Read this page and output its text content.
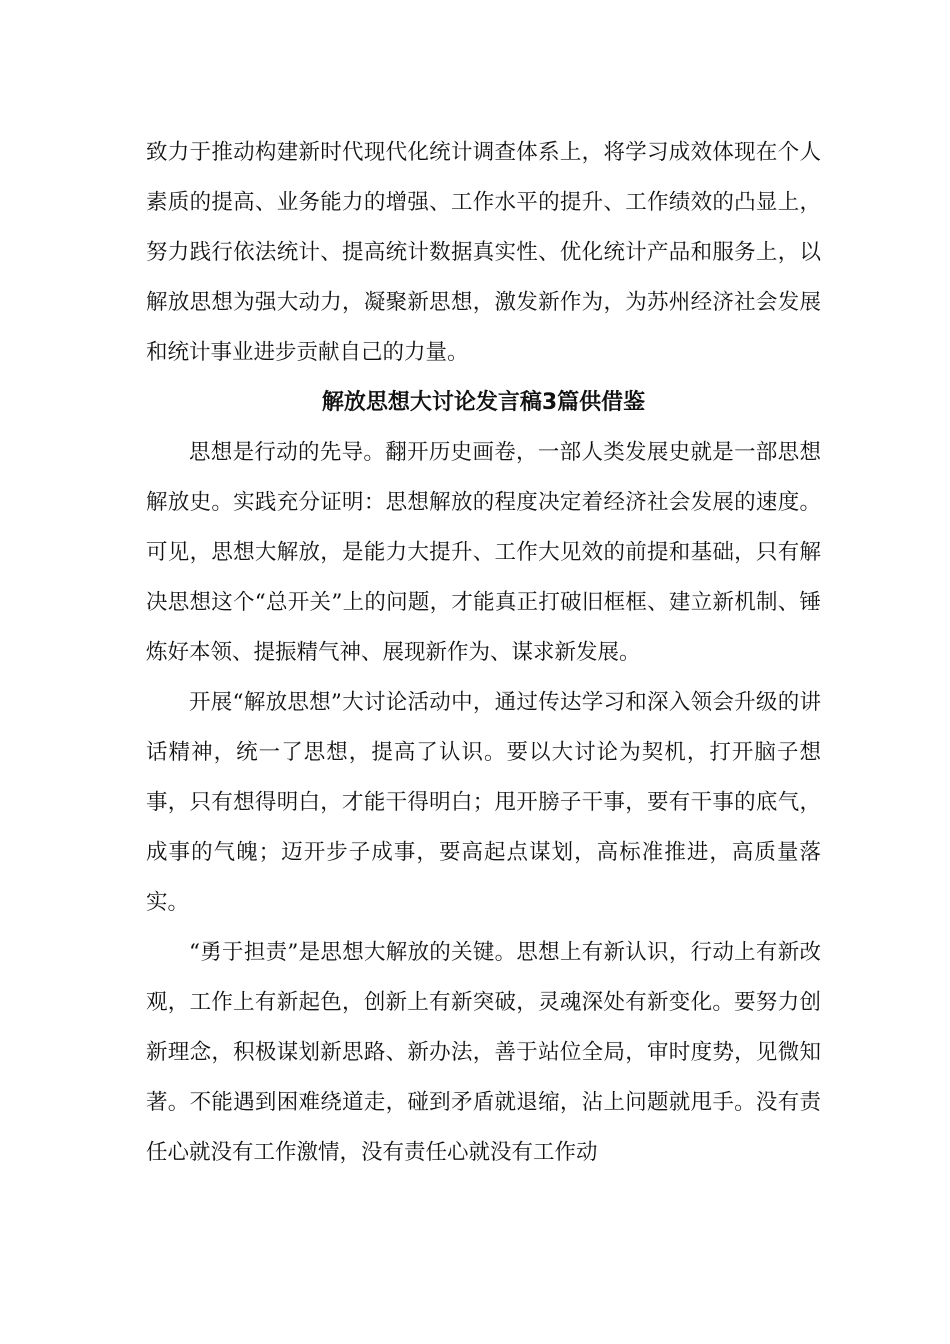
致力于推动构建新时代现代化统计调查体系上，将学习成效体现在个人素质的提高、业务能力的增强、工作水平的提升、工作绩效的凸显上，努力践行依法统计、提高统计数据真实性、优化统计产品和服务上，以解放思想为强大动力，凝聚新思想，激发新作为，为苏州经济社会发展和统计事业进步贡献自己的力量。

解放思想大讨论发言稿3篇供借鉴

思想是行动的先导。翻开历史画卷，一部人类发展史就是一部思想解放史。实践充分证明：思想解放的程度决定着经济社会发展的速度。可见，思想大解放，是能力大提升、工作大见效的前提和基础，只有解决思想这个“总开关”上的问题，才能真正打破旧框框、建立新机制、锤炼好本领、提振精气神、展现新作为、谋求新发展。

开展“解放思想”大讨论活动中，通过传达学习和深入领会升级的讲话精神，统一了思想，提高了认识。要以大讨论为契机，打开脑子想事，只有想得明白，才能干得明白；甩开膀子干事，要有干事的底气，成事的气魄；迈开步子成事，要高起点谋划，高标准推进，高质量落实。

“勇于担责”是思想大解放的关键。思想上有新认识，行动上有新改观，工作上有新起色，创新上有新突破，灵魂深处有新变化。要努力创新理念，积极谋划新思路、新办法，善于站位全局，审时度势，见微知著。不能遇到困难绕道走，碰到矛盾就退缩，沾上问题就甩手。没有责任心就没有工作激情，没有责任心就没有工作动
